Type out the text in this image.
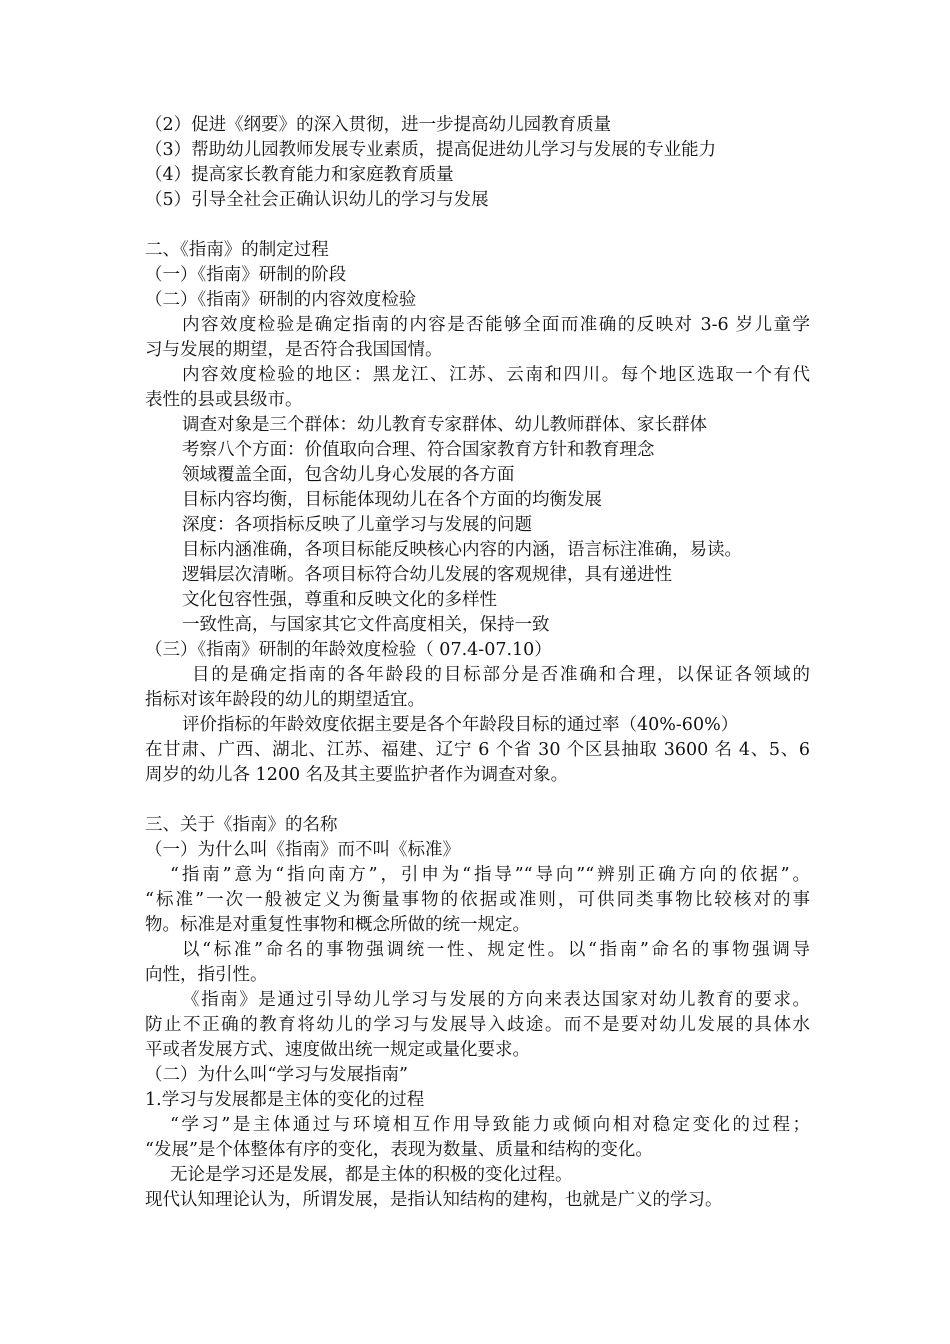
（2）促进《纲要》的深入贯彻，进一步提高幼儿园教育质量
（3）帮助幼儿园教师发展专业素质，提高促进幼儿学习与发展的专业能力
（4）提高家长教育能力和家庭教育质量
（5）引导全社会正确认识幼儿的学习与发展
二、《指南》的制定过程
（一）《指南》研制的阶段
（二）《指南》研制的内容效度检验
内容效度检验是确定指南的内容是否能够全面而准确的反映对 3-6 岁儿童学
习与发展的期望，是否符合我国国情。
内容效度检验的地区：黑龙江、江苏、云南和四川。每个地区选取一个有代
表性的县或县级市。
调查对象是三个群体：幼儿教育专家群体、幼儿教师群体、家长群体
考察八个方面：价值取向合理、符合国家教育方针和教育理念
领域覆盖全面，包含幼儿身心发展的各方面
目标内容均衡，目标能体现幼儿在各个方面的均衡发展
深度：各项指标反映了儿童学习与发展的问题
目标内涵准确，各项目标能反映核心内容的内涵，语言标注准确，易读。
逻辑层次清晰。各项目标符合幼儿发展的客观规律，具有递进性
文化包容性强，尊重和反映文化的多样性
一致性高，与国家其它文件高度相关，保持一致
（三）《指南》研制的年龄效度检验（ 07.4-07.10）
目的是确定指南的各年龄段的目标部分是否准确和合理，以保证各领域的
指标对该年龄段的幼儿的期望适宜。
评价指标的年龄效度依据主要是各个年龄段目标的通过率（40%-60%）
在甘肃、广西、湖北、江苏、福建、辽宁 6 个省 30 个区县抽取 3600 名 4、5、6
周岁的幼儿各 1200 名及其主要监护者作为调查对象。
三、关于《指南》的名称
（一）为什么叫《指南》而不叫《标准》
“指南”意为“指向南方”，引申为“指导”“导向”“辨别正确方向的依据”。
“标准”一次一般被定义为衡量事物的依据或准则，可供同类事物比较核对的事
物。标准是对重复性事物和概念所做的统一规定。
以“标准”命名的事物强调统一性、规定性。以“指南”命名的事物强调导
向性，指引性。
《指南》是通过引导幼儿学习与发展的方向来表达国家对幼儿教育的要求。
防止不正确的教育将幼儿的学习与发展导入歧途。而不是要对幼儿发展的具体水
平或者发展方式、速度做出统一规定或量化要求。
（二）为什么叫“学习与发展指南”
1.学习与发展都是主体的变化的过程
“学习”是主体通过与环境相互作用导致能力或倾向相对稳定变化的过程；
“发展”是个体整体有序的变化，表现为数量、质量和结构的变化。
无论是学习还是发展，都是主体的积极的变化过程。
现代认知理论认为，所谓发展，是指认知结构的建构，也就是广义的学习。
